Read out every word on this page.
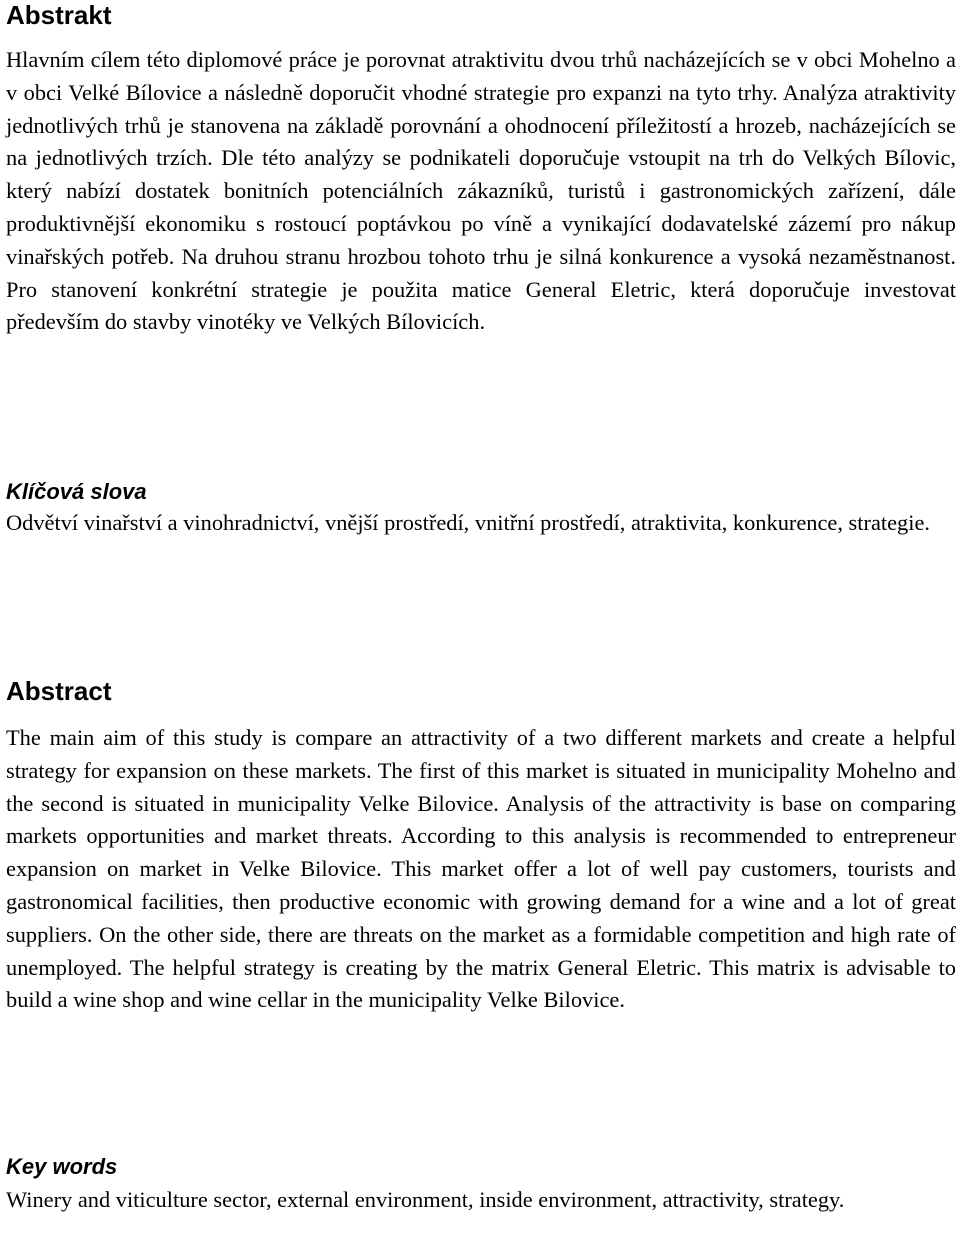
Abstrakt

Hlavním cílem této diplomové práce je porovnat atraktivitu dvou trhů nacházejících se v obci Mohelno a v obci Velké Bílovice a následně doporučit vhodné strategie pro expanzi na tyto trhy. Analýza atraktivity jednotlivých trhů je stanovena na základě porovnání a ohodnocení příležitostí a hrozeb, nacházejících se na jednotlivých trzích. Dle této analýzy se podnikateli doporučuje vstoupit na trh do Velkých Bílovic, který nabízí dostatek bonitních potenciálních zákazníků, turistů i gastronomických zařízení, dále produktivnější ekonomiku s rostoucí poptávkou po víně a vynikající dodavatelské zázemí pro nákup vinařských potřeb. Na druhou stranu hrozbou tohoto trhu je silná konkurence a vysoká nezaměstnanost. Pro stanovení konkrétní strategie je použita matice General Eletric, která doporučuje investovat především do stavby vinotéky ve Velkých Bílovicích.

Klíčová slova

Odvětví vinařství a vinohradnictví, vnější prostředí, vnitřní prostředí, atraktivita, konkurence, strategie.

Abstract

The main aim of this study is compare an attractivity of a two different markets and create a helpful strategy for expansion on these markets. The first of this market is situated in municipality Mohelno and the second is situated in municipality Velke Bilovice. Analysis of the attractivity is base on comparing markets opportunities and market threats. According to this analysis is recommended to entrepreneur expansion on market in Velke Bilovice. This market offer a lot of well pay customers, tourists and gastronomical facilities, then productive economic with growing demand for a wine and a lot of great suppliers. On the other side, there are threats on the market as a formidable competition and high rate of unemployed. The helpful strategy is creating by the matrix General Eletric. This matrix is advisable to build a wine shop and wine cellar in the municipality Velke Bilovice.

Key words

Winery and viticulture sector, external environment, inside environment, attractivity, strategy.
